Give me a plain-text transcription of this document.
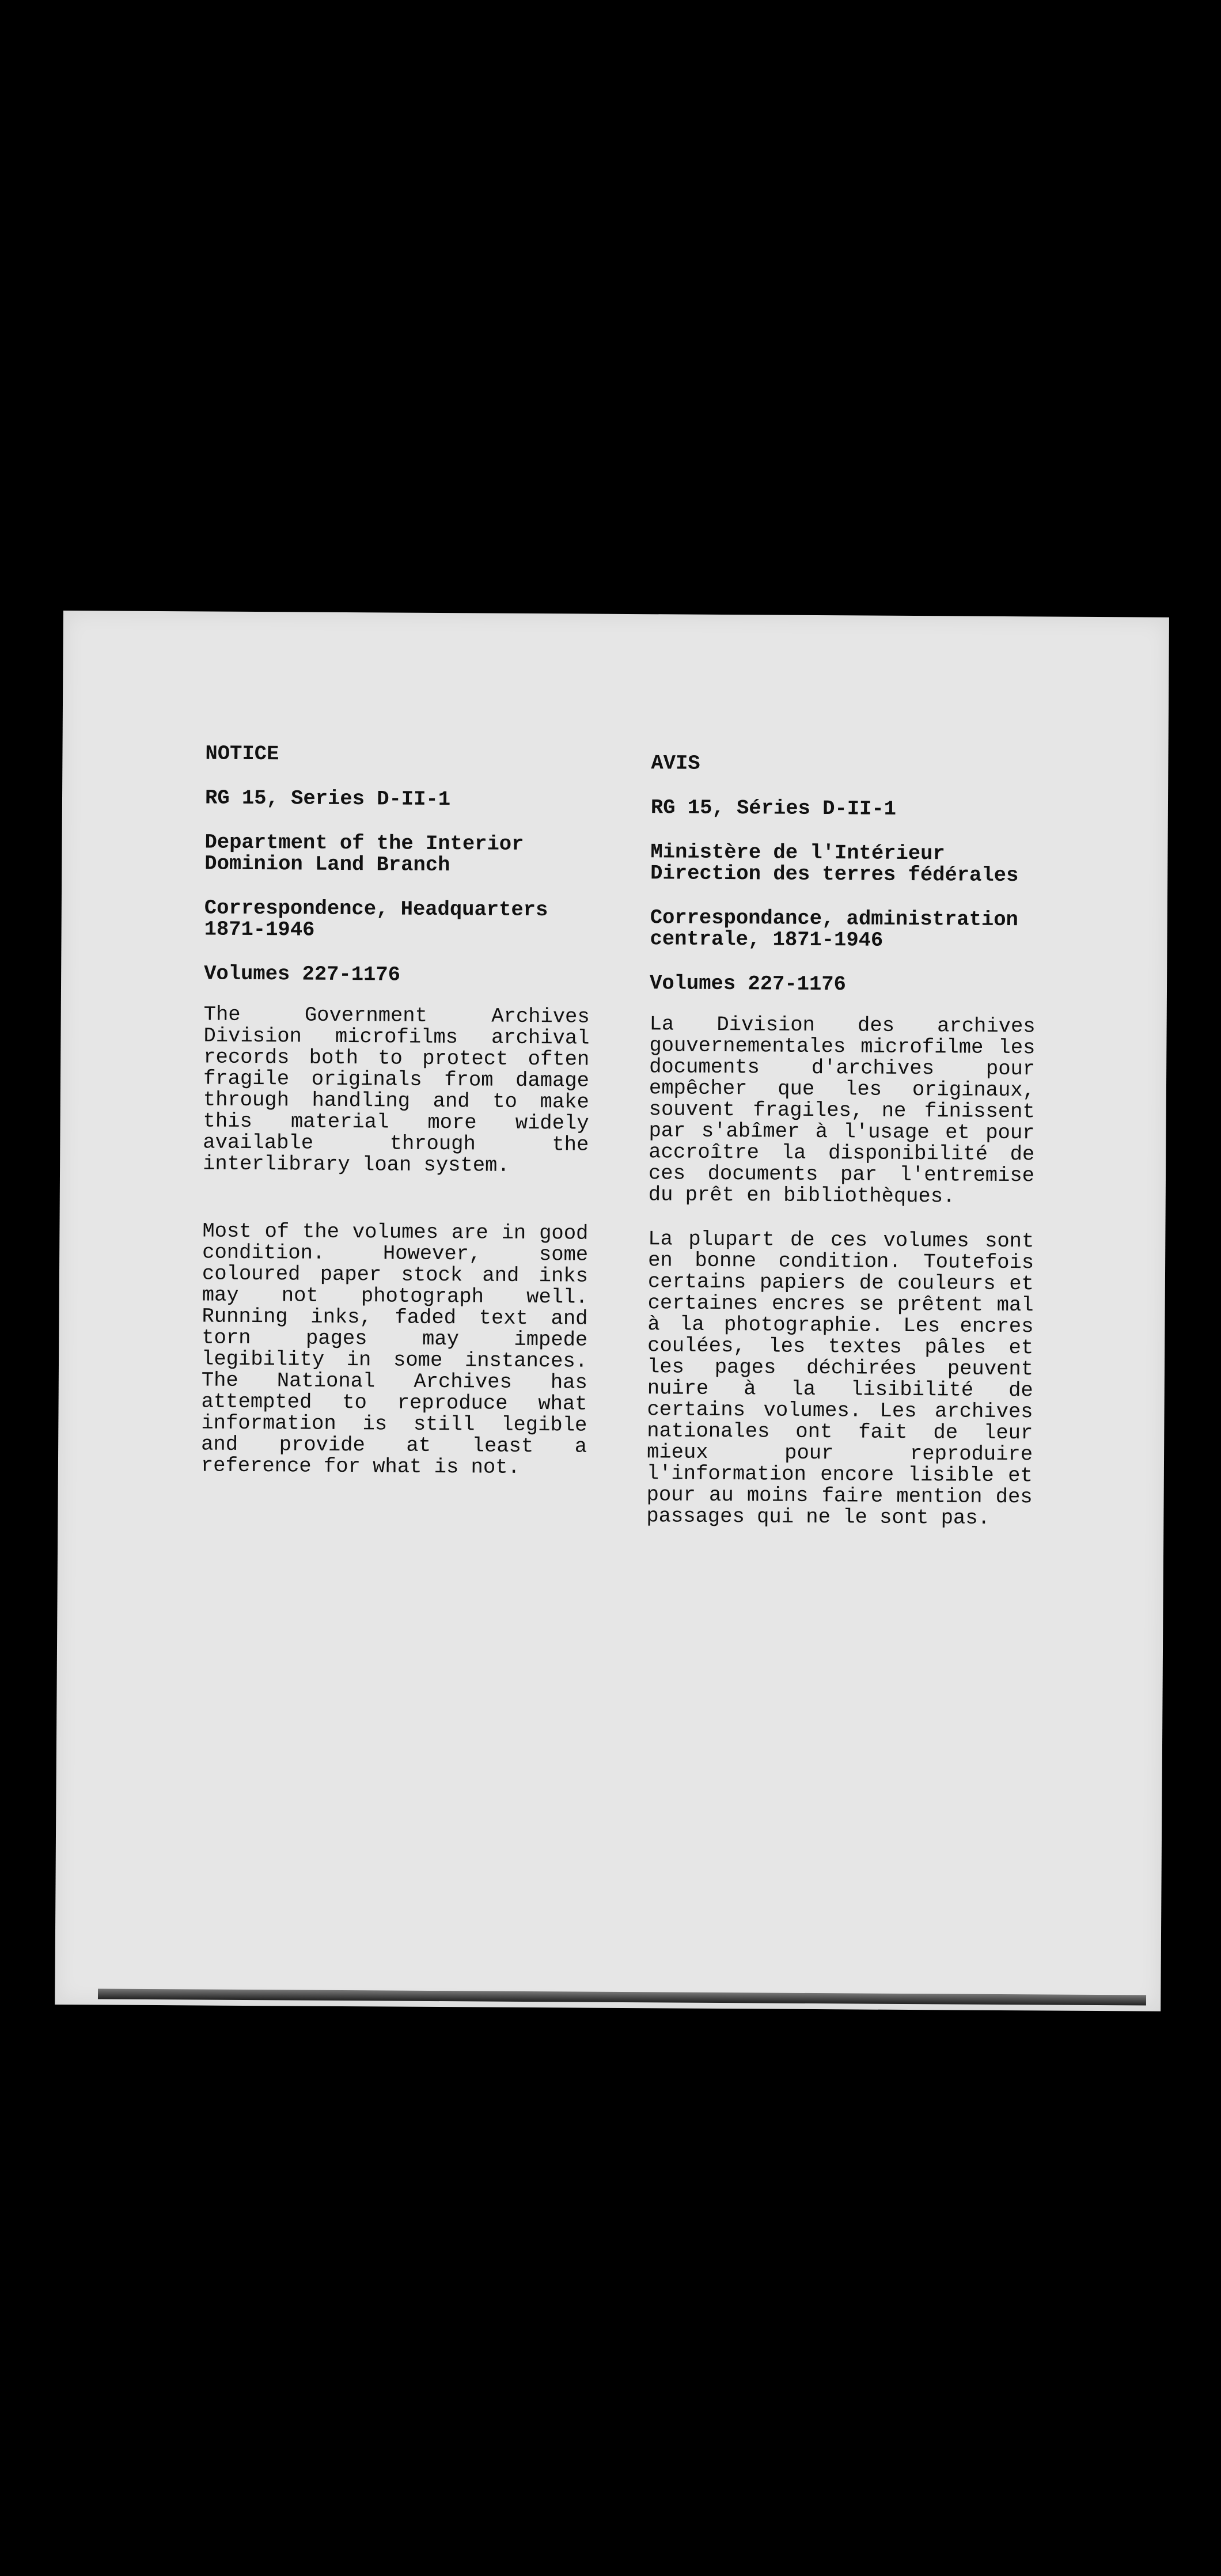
NOTICE
RG 15, Series D-II-1
Department of the Interior
Dominion Land Branch
Correspondence, Headquarters
1871-1946
Volumes 227-1176

The Government Archives Division microfilms archival records both to protect often fragile originals from damage through handling and to make this material more widely available through the interlibrary loan system.

Most of the volumes are in good condition. However, some coloured paper stock and inks may not photograph well. Running inks, faded text and torn pages may impede legibility in some instances. The National Archives has attempted to reproduce what information is still legible and provide at least a reference for what is not.

AVIS
RG 15, Séries D-II-1
Ministère de l'Intérieur
Direction des terres fédérales
Correspondance, administration
centrale, 1871-1946
Volumes 227-1176

La Division des archives gouvernementales microfilme les documents d'archives pour empêcher que les originaux, souvent fragiles, ne finissent par s'abîmer à l'usage et pour accroître la disponibilité de ces documents par l'entremise du prêt en bibliothèques.

La plupart de ces volumes sont en bonne condition. Toutefois certains papiers de couleurs et certaines encres se prêtent mal à la photographie. Les encres coulées, les textes pâles et les pages déchirées peuvent nuire à la lisibilité de certains volumes. Les archives nationales ont fait de leur mieux pour reproduire l'information encore lisible et pour au moins faire mention des passages qui ne le sont pas.
